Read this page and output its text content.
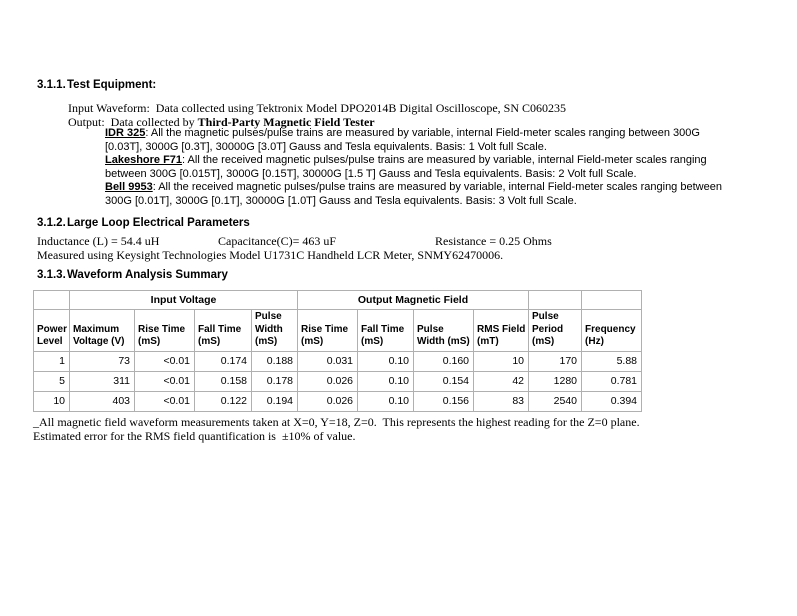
3.1.1. Test Equipment:
Input Waveform:  Data collected using Tektronix Model DPO2014B Digital Oscilloscope, SN C060235
Output:  Data collected by Third-Party Magnetic Field Tester
IDR 325: All the magnetic pulses/pulse trains are measured by variable, internal Field-meter scales ranging between 300G [0.03T], 3000G [0.3T], 30000G [3.0T] Gauss and Tesla equivalents. Basis: 1 Volt full Scale.
Lakeshore F71: All the received magnetic pulses/pulse trains are measured by variable, internal Field-meter scales ranging between 300G [0.015T], 3000G [0.15T], 30000G [1.5 T] Gauss and Tesla equivalents. Basis: 2 Volt full Scale.
Bell 9953: All the received magnetic pulses/pulse trains are measured by variable, internal Field-meter scales ranging between 300G [0.01T], 3000G [0.1T], 30000G [1.0T] Gauss and Tesla equivalents. Basis: 3 Volt full Scale.
3.1.2. Large Loop Electrical Parameters

Inductance (L) = 54.4 uH

	Capacitance(C)= 463 uF

	Resistance = 0.25 Ohms

Measured using Keysight Technologies Model U1731C Handheld LCR Meter, SNMY62470006.
3.1.3. Waveform Analysis Summary
	Input Voltage				Output Magnetic Field					
Power Level	Maximum Voltage (V)	Rise Time (mS)	Fall Time (mS)	Pulse Width (mS)	Rise Time (mS)	Fall Time (mS)	Pulse Width (mS)	RMS Field (mT)	Pulse Period (mS)	Frequency (Hz)
1	73	<0.01	0.174	0.188	0.031	0.10	0.160	10	170	5.88
5	311	<0.01	0.158	0.178	0.026	0.10	0.154	42	1280	0.781
10	403	<0.01	0.122	0.194	0.026	0.10	0.156	83	2540	0.394
_All magnetic field waveform measurements taken at X=0, Y=18, Z=0.  This represents the highest reading for the Z=0 plane.
Estimated error for the RMS field quantification is  ±10% of value.
